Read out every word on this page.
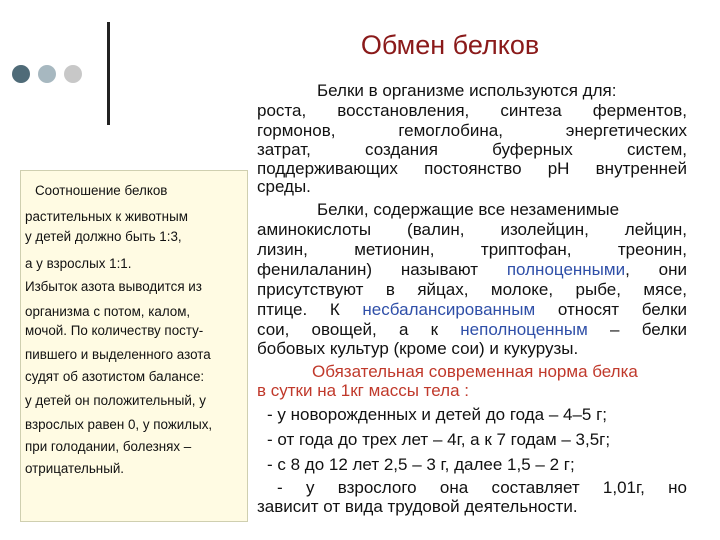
Обмен белков
Соотношение белков
растительных к животным
у детей должно быть 1:3,
а у взрослых 1:1.
Избыток азота выводится из
организма с потом, калом,
мочой. По количеству посту-
пившего и выделенного азота
судят об азотистом балансе:
у детей он положительный, у
взрослых равен 0, у пожилых,
при голодании, болезнях –
отрицательный.
Белки в организме используются для:
роста, восстановления, синтеза ферментов,
гормонов, гемоглобина, энергетических
затрат, создания буферных систем,
поддерживающих постоянство рН внутренней
среды.
Белки, содержащие все незаменимые
аминокислоты (валин, изолейцин, лейцин,
лизин, метионин, триптофан, треонин,
фенилаланин) называют полноценными, они
присутствуют в яйцах, молоке, рыбе, мясе,
птице. К несбалансированным относят белки
сои, овощей, а к неполноценным – белки
бобовых культур (кроме сои) и кукурузы.
Обязательная современная норма белка
в сутки на 1кг массы тела :
- у новорожденных и детей до года – 4–5 г;
- от года до трех лет – 4г, а к 7 годам – 3,5г;
- с 8 до 12 лет 2,5 – 3 г, далее 1,5 – 2 г;
- у взрослого она составляет 1,01г, но
зависит от вида трудовой деятельности.
